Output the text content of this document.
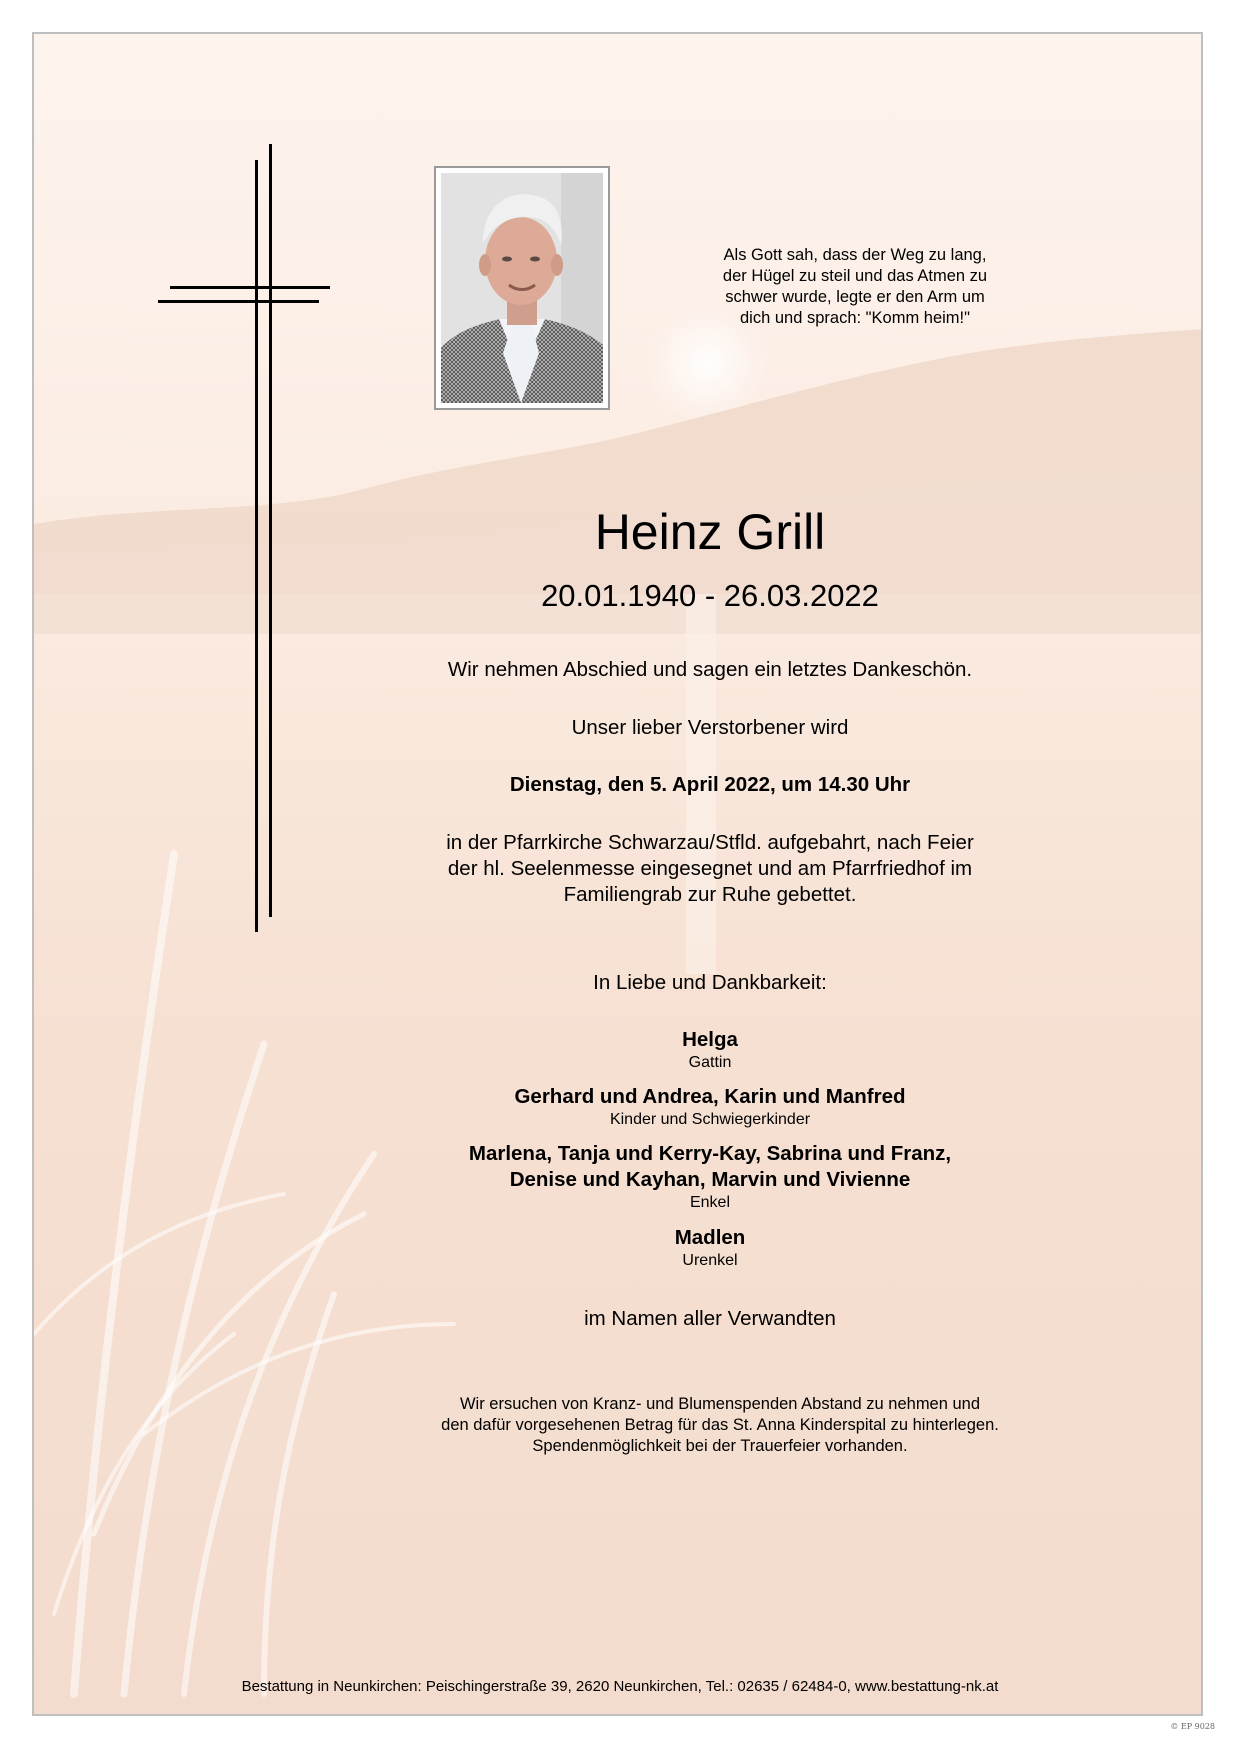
Als Gott sah, dass der Weg zu lang,
der Hügel zu steil und das Atmen zu
schwer wurde, legte er den Arm um
dich und sprach: "Komm heim!"
Heinz Grill
20.01.1940 - 26.03.2022
Wir nehmen Abschied und sagen ein letztes Dankeschön.
Unser lieber Verstorbener wird
Dienstag, den 5. April 2022, um 14.30 Uhr
in der Pfarrkirche Schwarzau/Stfld. aufgebahrt, nach Feier
der hl. Seelenmesse eingesegnet und am Pfarrfriedhof im
Familiengrab zur Ruhe gebettet.
In Liebe und Dankbarkeit:
Helga
Gattin
Gerhard und Andrea, Karin und Manfred
Kinder und Schwiegerkinder
Marlena, Tanja und Kerry-Kay, Sabrina und Franz,
Denise und Kayhan, Marvin und Vivienne
Enkel
Madlen
Urenkel
im Namen aller Verwandten
Wir ersuchen von Kranz- und Blumenspenden Abstand zu nehmen und
den dafür vorgesehenen Betrag für das St. Anna Kinderspital zu hinterlegen.
Spendenmöglichkeit bei der Trauerfeier vorhanden.
Bestattung in Neunkirchen: Peischingerstraße 39, 2620 Neunkirchen, Tel.: 02635 / 62484-0, www.bestattung-nk.at
© EP 9028
